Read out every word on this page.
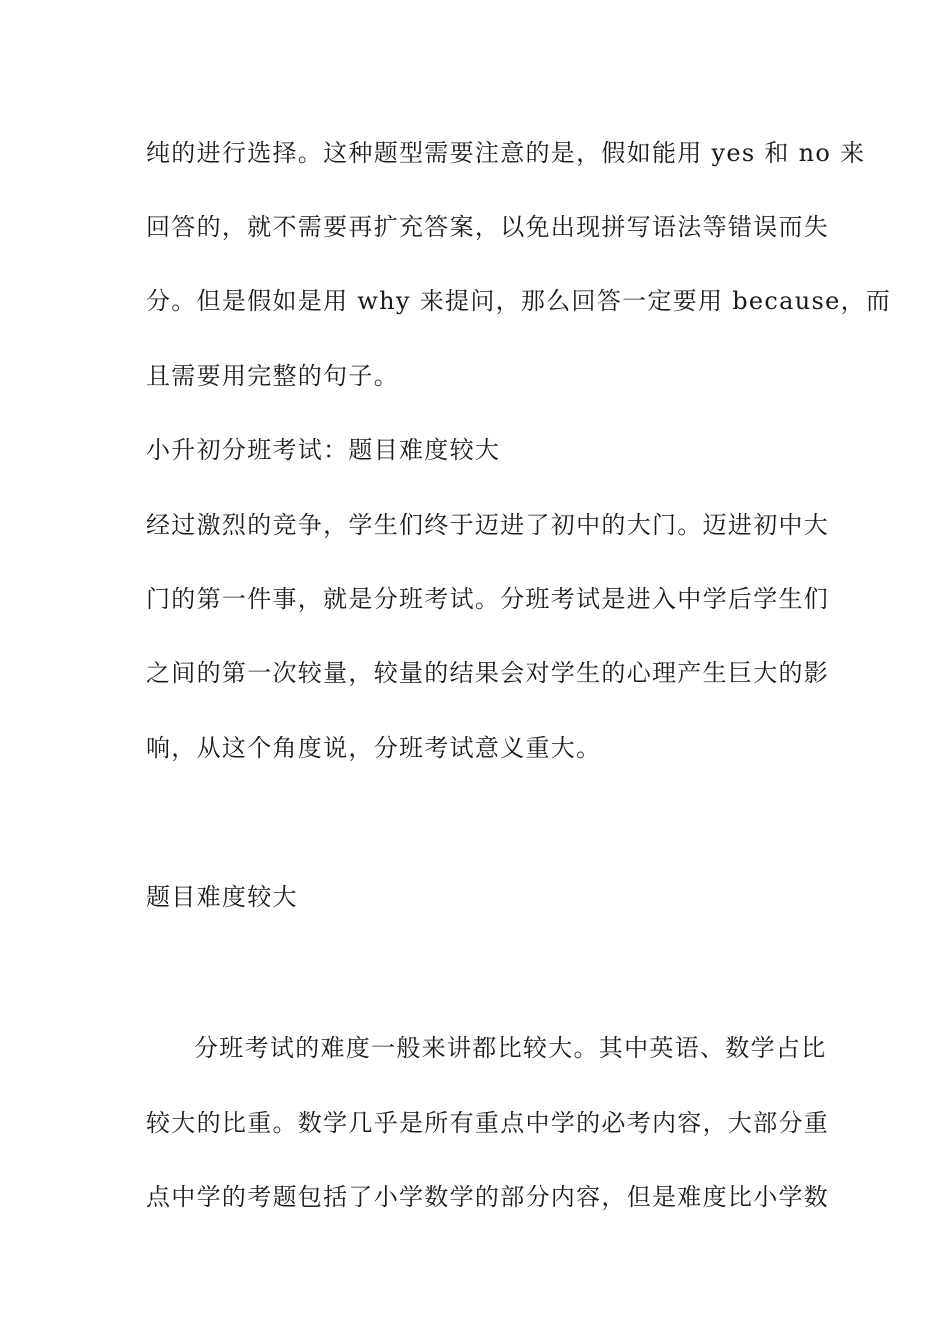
纯的进行选择。这种题型需要注意的是，假如能用 yes 和 no 来
回答的，就不需要再扩充答案，以免出现拼写语法等错误而失
分。但是假如是用 why 来提问，那么回答一定要用 because，而
且需要用完整的句子。
小升初分班考试：题目难度较大
经过激烈的竞争，学生们终于迈进了初中的大门。迈进初中大
门的第一件事，就是分班考试。分班考试是进入中学后学生们
之间的第一次较量，较量的结果会对学生的心理产生巨大的影
响，从这个角度说，分班考试意义重大。
题目难度较大
分班考试的难度一般来讲都比较大。其中英语、数学占比
较大的比重。数学几乎是所有重点中学的必考内容，大部分重
点中学的考题包括了小学数学的部分内容，但是难度比小学数
